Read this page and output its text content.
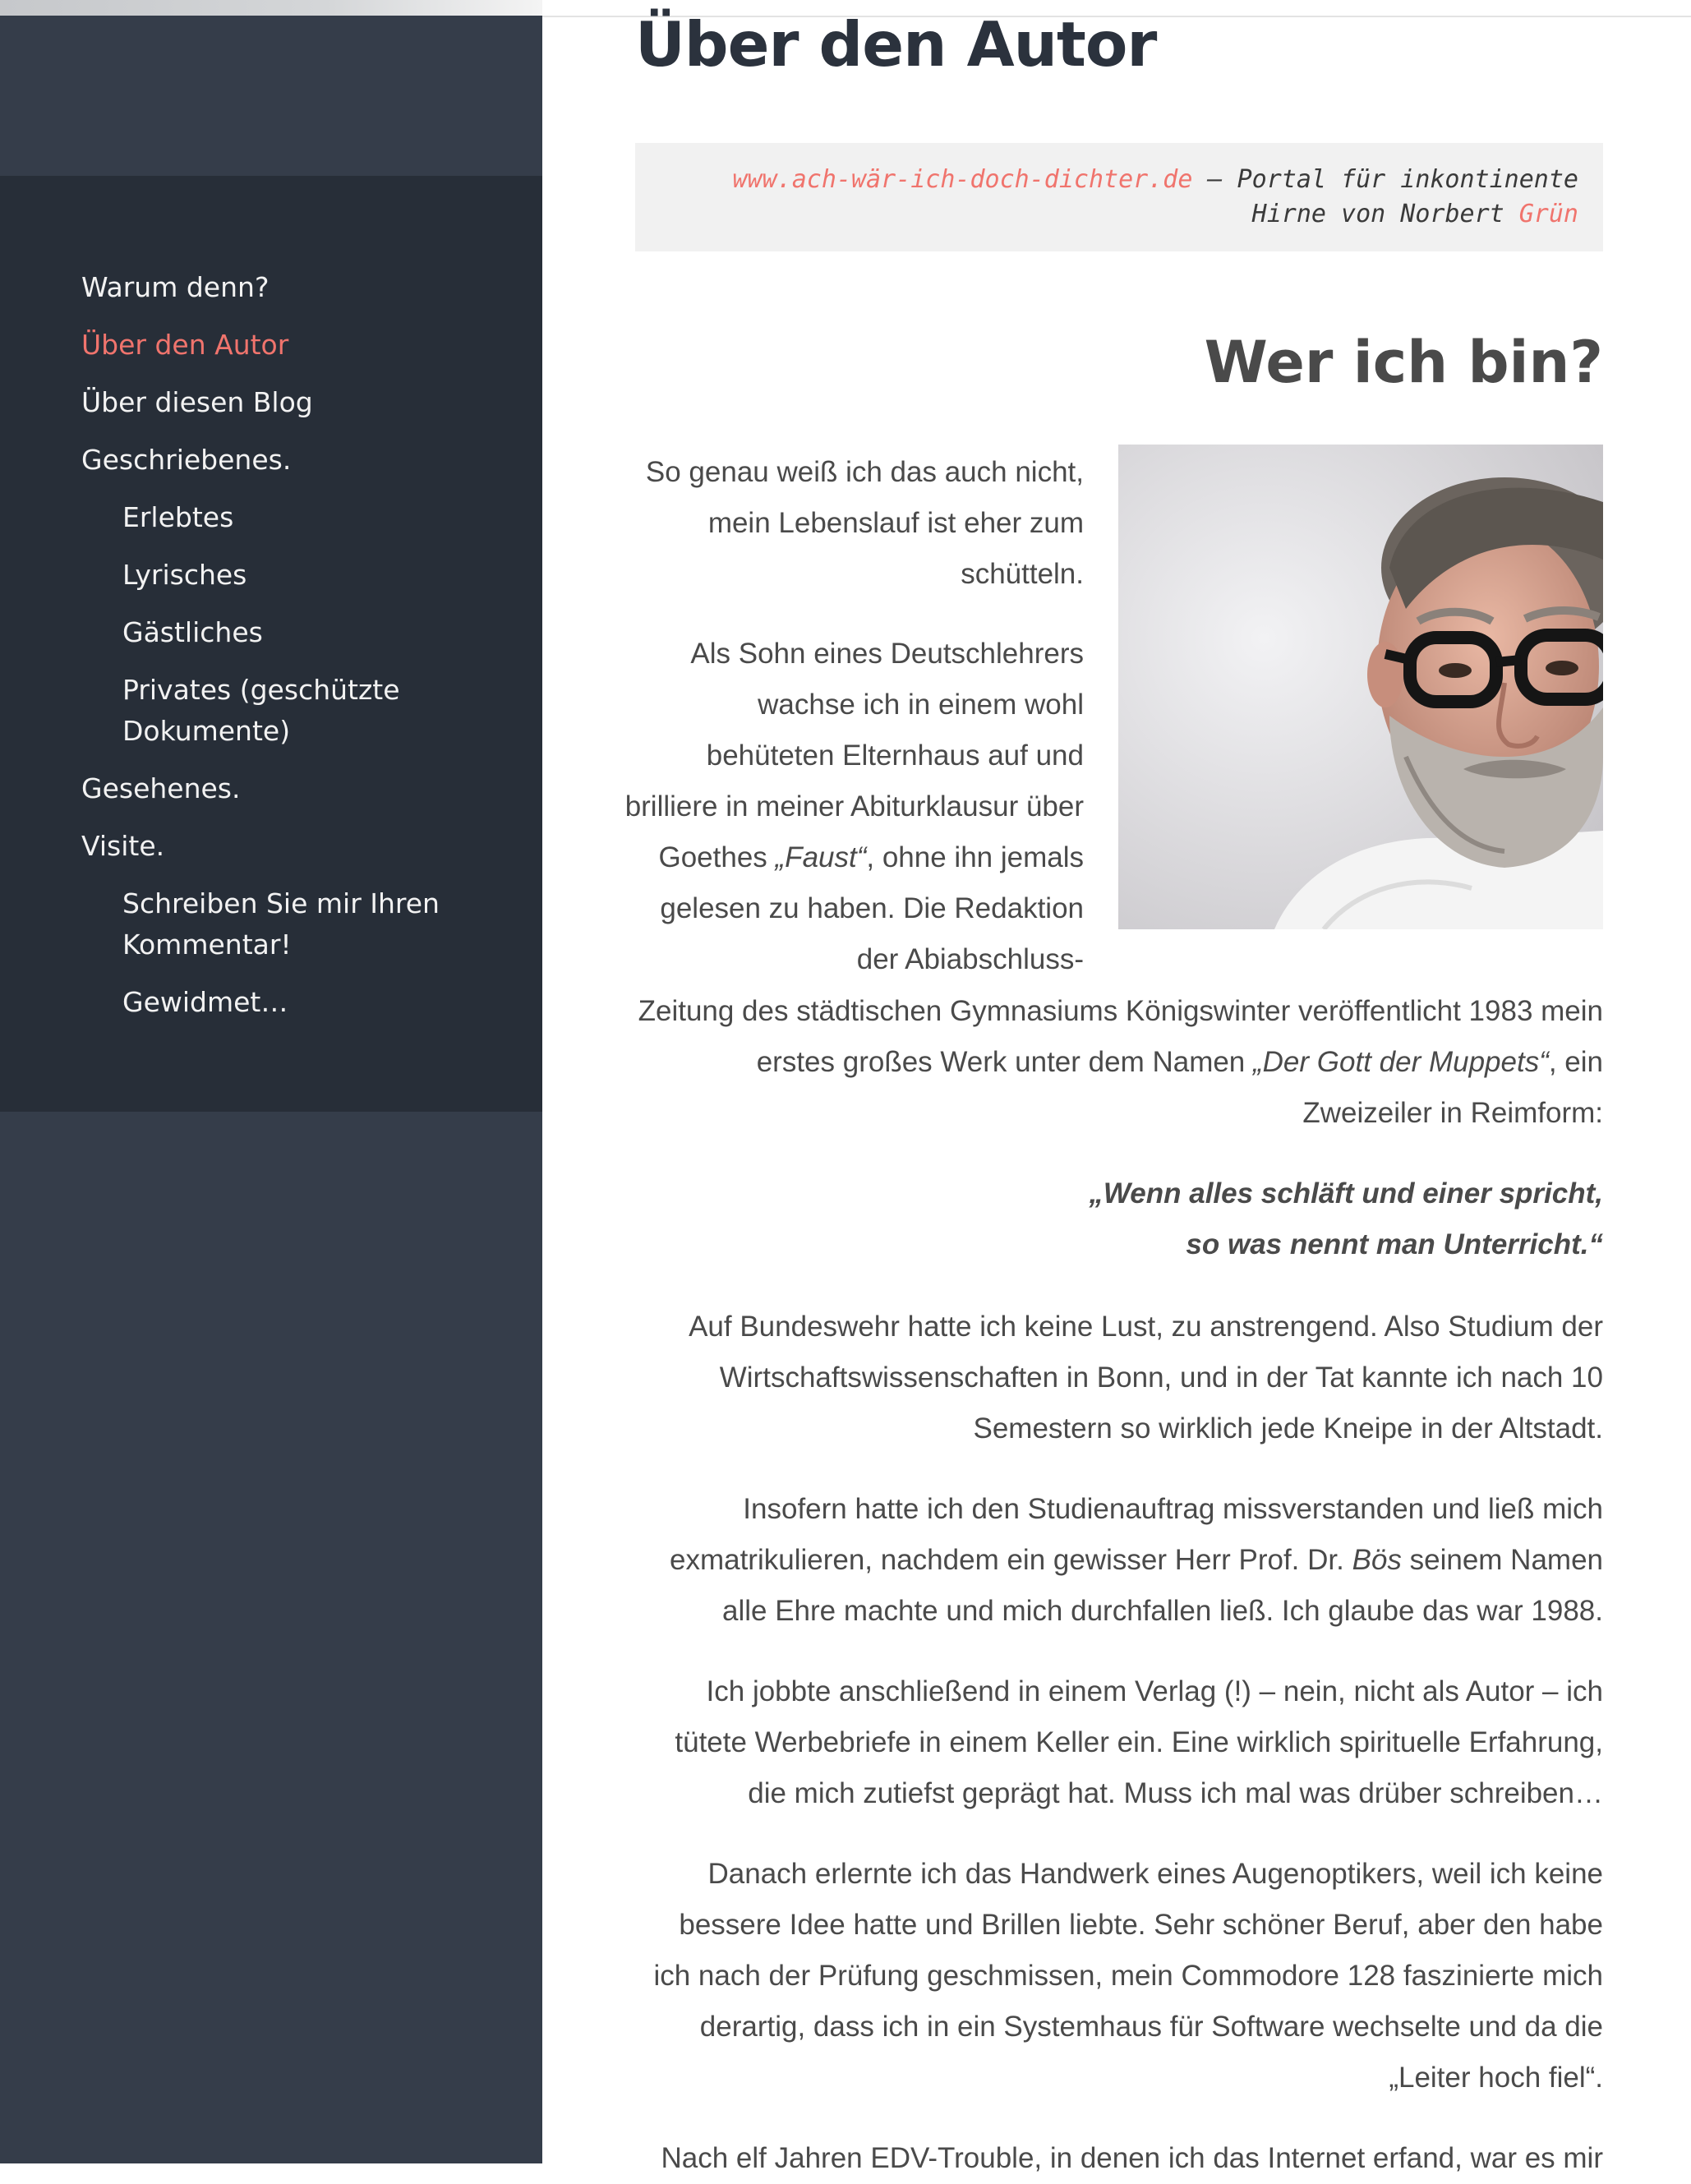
Warum denn?
Über den Autor
Über diesen Blog
Geschriebenes.
Erlebtes
Lyrisches
Gästliches
Privates (geschützte Dokumente)
Gesehenes.
Visite.
Schreiben Sie mir Ihren Kommentar!
Gewidmet…
Über den Autor
www.ach-wär-ich-doch-dichter.de – Portal für inkontinente Hirne von Norbert Grün
Wer ich bin?

So genau weiß ich das auch nicht, mein Lebenslauf ist eher zum schütteln.

Als Sohn eines Deutschlehrers wachse ich in einem wohl behüteten Elternhaus auf und brilliere in meiner Abiturklausur über Goethes „Faust“, ohne ihn jemals gelesen zu haben. Die Redaktion der Abiabschluss-

Zeitung des städtischen Gymnasiums Königswinter veröffentlicht 1983 mein erstes großes Werk unter dem Namen „Der Gott der Muppets“, ein Zweizeiler in Reimform:

„Wenn alles schläft und einer spricht,
so was nennt man Unterricht.“

Auf Bundeswehr hatte ich keine Lust, zu anstrengend. Also Studium der Wirtschaftswissenschaften in Bonn, und in der Tat kannte ich nach 10 Semestern so wirklich jede Kneipe in der Altstadt.

Insofern hatte ich den Studienauftrag missverstanden und ließ mich exmatrikulieren, nachdem ein gewisser Herr Prof. Dr. Bös seinem Namen alle Ehre machte und mich durchfallen ließ. Ich glaube das war 1988.

Ich jobbte anschließend in einem Verlag (!) – nein, nicht als Autor – ich tütete Werbebriefe in einem Keller ein. Eine wirklich spirituelle Erfahrung, die mich zutiefst geprägt hat. Muss ich mal was drüber schreiben…

Danach erlernte ich das Handwerk eines Augenoptikers, weil ich keine bessere Idee hatte und Brillen liebte. Sehr schöner Beruf, aber den habe ich nach der Prüfung geschmissen, mein Commodore 128 faszinierte mich derartig, dass ich in ein Systemhaus für Software wechselte und da die „Leiter hoch fiel“.

Nach elf Jahren EDV-Trouble, in denen ich das Internet erfand, war es mir
